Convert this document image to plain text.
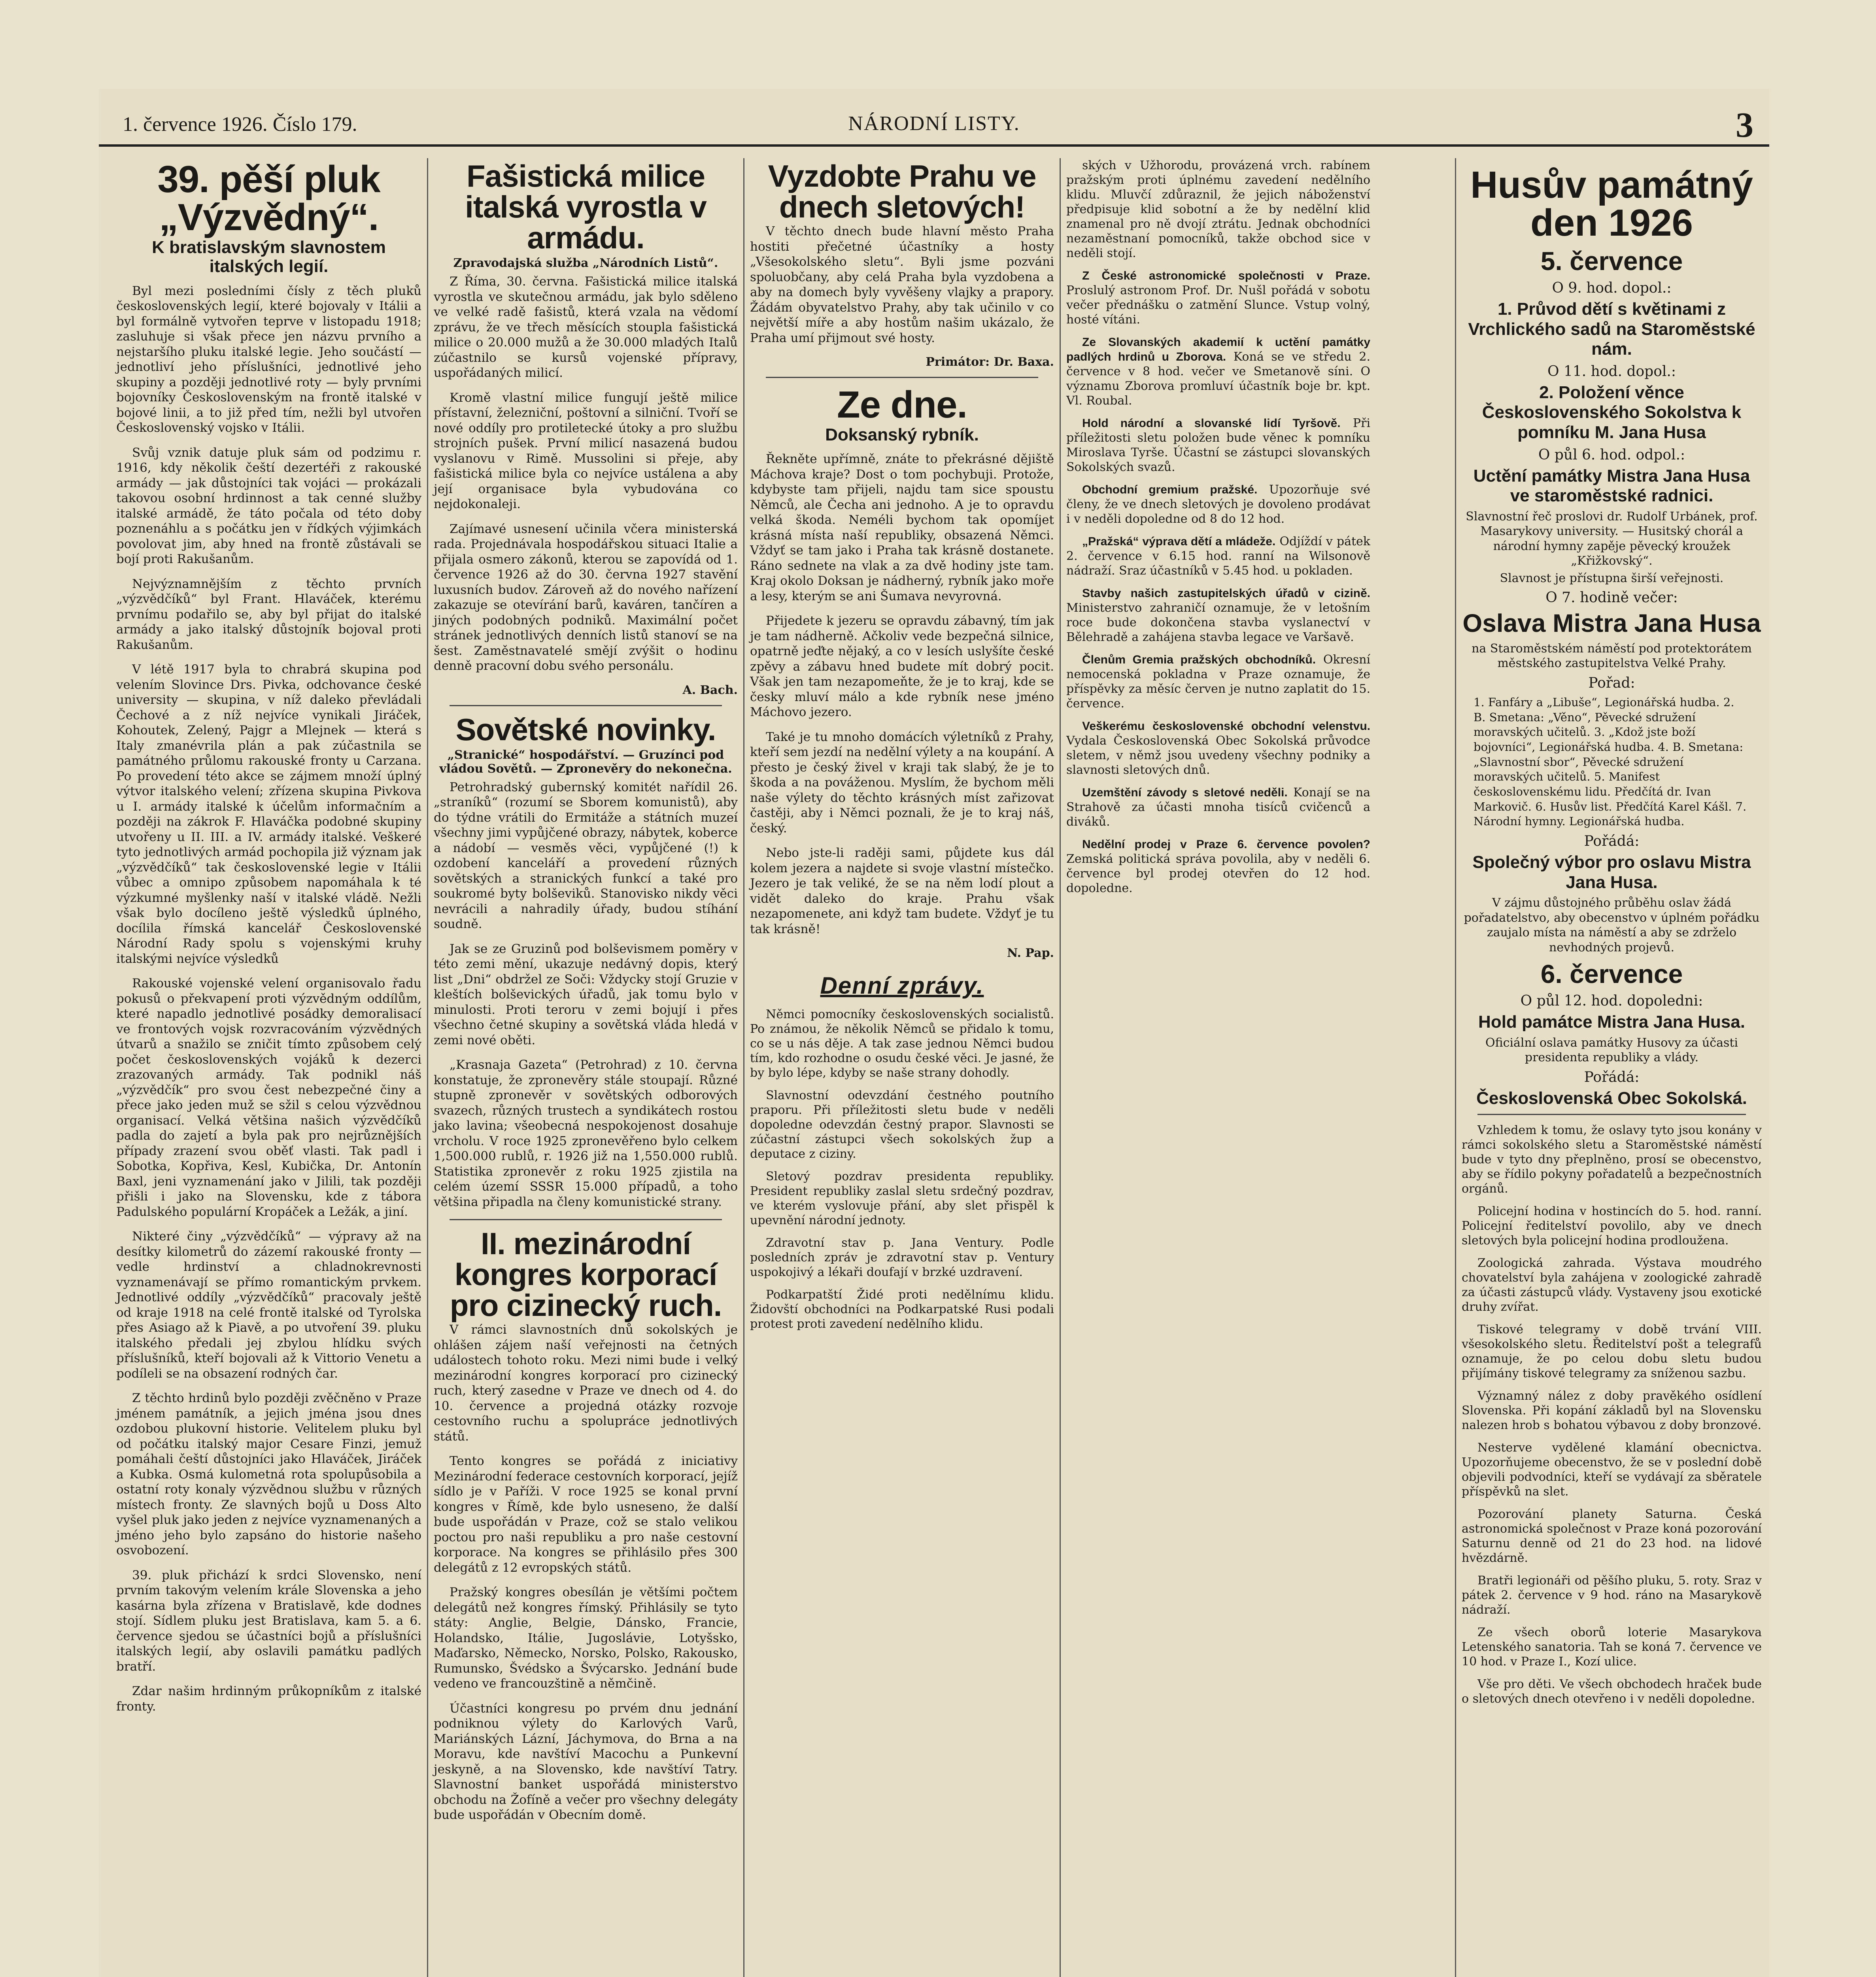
1. července 1926. Číslo 179.	NÁRODNÍ LISTY.	3
39. pěší pluk „Výzvědný“.
K bratislavským slavnostem italských legií.

Byl mezi posledními čísly z těch pluků československých legií, které bojovaly v Itálii a byl formálně vytvořen teprve v listopadu 1918; zasluhuje si však přece jen názvu prvního a nejstaršího pluku italské legie. Jeho součástí — jednotliví jeho příslušníci, jednotlivé jeho skupiny a později jednotlivé roty — byly prvními bojovníky Československým na frontě italské v bojové linii, a to již před tím, nežli byl utvořen Československý vojsko v Itálii.

Svůj vznik datuje pluk sám od podzimu r. 1916, kdy několik čeští dezertéři z rakouské armády — jak důstojníci tak vojáci — prokázali takovou osobní hrdinnost a tak cenné služby italské armádě, že táto počala od této doby poznenáhlu a s počátku jen v řídkých výjimkách povolovat jim, aby hned na frontě zůstávali se bojí proti Rakušanům.

Nejvýznamnějším z těchto prvních „výzvědčíků“ byl Frant. Hlaváček, kterému prvnímu podařilo se, aby byl přijat do italské armády a jako italský důstojník bojoval proti Rakušanům.

V létě 1917 byla to chrabrá skupina pod velením Slovince Drs. Pivka, odchovance české university — skupina, v níž daleko převládali Čechové a z níž nejvíce vynikali Jiráček, Kohoutek, Zelený, Pajgr a Mlejnek — která s Italy zmanévrila plán a pak zúčastnila se památného průlomu rakouské fronty u Carzana. Po provedení této akce se zájmem množí úplný výtvor italského velení; zřízena skupina Pivkova u I. armády italské k účelům informačním a později na zákrok F. Hlaváčka podobné skupiny utvořeny u II. III. a IV. armády italské. Veškeré tyto jednotlivých armád pochopila již význam jak „výzvědčíků“ tak československé legie v Itálii vůbec a omnipo způsobem napomáhala k té výzkumné myšlenky naší v italské vládě. Nežli však bylo docíleno ještě výsledků úplného, docílila římská kancelář Československé Národní Rady spolu s vojenskými kruhy italskými nejvíce výsledků

Rakouské vojenské velení organisovalo řadu pokusů o překvapení proti výzvědným oddílům, které napadlo jednotlivé posádky demoralisací ve frontových vojsk rozvracováním výzvědných útvarů a snažilo se zničit tímto způsobem celý počet československých vojáků k dezerci zrazovaných armády. Tak podnikl náš „výzvědčík“ pro svou čest nebezpečné činy a přece jako jeden muž se sžil s celou výzvědnou organisací. Velká většina našich výzvědčíků padla do zajetí a byla pak pro nejrůznějších případy zrazení svou oběť vlasti. Tak padl i Sobotka, Kopřiva, Kesl, Kubička, Dr. Antonín Baxl, jeni vyznamenání jako v Jilili, tak později přišli i jako na Slovensku, kde z tábora Padulského populární Kropáček a Ležák, a jiní.

Nikteré činy „výzvědčíků“ — výpravy až na desítky kilometrů do zázemí rakouské fronty — vedle hrdinství a chladnokrevnosti vyznamenávají se přímo romantickým prvkem. Jednotlivé oddíly „výzvědčíků“ pracovaly ještě od kraje 1918 na celé frontě italské od Tyrolska přes Asiago až k Piavě, a po utvoření 39. pluku italského předali jej zbylou hlídku svých příslušníků, kteří bojovali až k Vittorio Venetu a podíleli se na obsazení rodných čar.

Z těchto hrdinů bylo později zvěčněno v Praze jménem památník, a jejich jména jsou dnes ozdobou plukovní historie. Velitelem pluku byl od počátku italský major Cesare Finzi, jemuž pomáhali čeští důstojníci jako Hlaváček, Jiráček a Kubka. Osmá kulometná rota spolupůsobila a ostatní roty konaly výzvědnou službu v různých místech fronty. Ze slavných bojů u Doss Alto vyšel pluk jako jeden z nejvíce vyznamenaných a jméno jeho bylo zapsáno do historie našeho osvobození.

39. pluk přichází k srdci Slovensko, není prvním takovým velením krále Slovenska a jeho kasárna byla zřízena v Bratislavě, kde dodnes stojí. Sídlem pluku jest Bratislava, kam 5. a 6. července sjedou se účastníci bojů a příslušníci italských legií, aby oslavili památku padlých bratří.

Zdar našim hrdinným průkopníkům z italské fronty.

Fašistická milice italská vyrostla v armádu.
Zpravodajská služba „Národních Listů“.

Z Říma, 30. června. Fašistická milice italská vyrostla ve skutečnou armádu, jak bylo sděleno ve velké radě fašistů, která vzala na vědomí zprávu, že ve třech měsících stoupla fašistická milice o 20.000 mužů a že 30.000 mladých Italů zúčastnilo se kursů vojenské přípravy, uspořádaných milicí.

Kromě vlastní milice fungují ještě milice přístavní, železniční, poštovní a silniční. Tvoří se nové oddíly pro protiletecké útoky a pro službu strojních pušek. První milicí nasazená budou vyslanovu v Rimě. Mussolini si přeje, aby fašistická milice byla co nejvíce ustálena a aby její organisace byla vybudována co nejdokonaleji.

Zajímavé usnesení učinila včera ministerská rada. Projednávala hospodářskou situaci Italie a přijala osmero zákonů, kterou se zapovídá od 1. července 1926 až do 30. června 1927 stavění luxusních budov. Zároveň až do nového nařízení zakazuje se otevírání barů, kaváren, tančíren a jiných podobných podniků. Maximální počet stránek jednotlivých denních listů stanoví se na šest. Zaměstnavatelé smějí zvýšit o hodinu denně pracovní dobu svého personálu.

A. Bach.
Sovětské novinky.
„Stranické“ hospodářství. — Gruzínci pod vládou Sovětů. — Zpronevěry do nekonečna.

Petrohradský gubernský komitét nařídil 26. „straníků“ (rozumí se Sborem komunistů), aby do týdne vrátili do Ermitáže a státních muzeí všechny jimi vypůjčené obrazy, nábytek, koberce a nádobí — vesměs věci, vypůjčené (!) k ozdobení kanceláří a provedení různých sovětských a stranických funkcí a také pro soukromé byty bolševiků. Stanovisko nikdy věci nevrácili a nahradily úřady, budou stíhání soudně.

Jak se ze Gruzinů pod bolševismem poměry v této zemi mění, ukazuje nedávný dopis, který list „Dni“ obdržel ze Soči: Vždycky stojí Gruzie v kleštích bolševických úřadů, jak tomu bylo v minulosti. Proti teroru v zemi bojují i přes všechno četné skupiny a sovětská vláda hledá v zemi nové oběti.

„Krasnaja Gazeta“ (Petrohrad) z 10. června konstatuje, že zpronevěry stále stoupají. Různé stupně zpronevěr v sovětských odborových svazech, různých trustech a syndikátech rostou jako lavina; všeobecná nespokojenost dosahuje vrcholu. V roce 1925 zpronevěřeno bylo celkem 1,500.000 rublů, r. 1926 již na 1,550.000 rublů. Statistika zpronevěr z roku 1925 zjistila na celém území SSSR 15.000 případů, a toho většina připadla na členy komunistické strany.

II. mezinárodní kongres korporací pro cizinecký ruch.

V rámci slavnostních dnů sokolských je ohlášen zájem naší veřejnosti na četných událostech tohoto roku. Mezi nimi bude i velký mezinárodní kongres korporací pro cizinecký ruch, který zasedne v Praze ve dnech od 4. do 10. července a projedná otázky rozvoje cestovního ruchu a spolupráce jednotlivých států.

Tento kongres se pořádá z iniciativy Mezinárodní federace cestovních korporací, jejíž sídlo je v Paříži. V roce 1925 se konal první kongres v Římě, kde bylo usneseno, že další bude uspořádán v Praze, což se stalo velikou poctou pro naši republiku a pro naše cestovní korporace. Na kongres se přihlásilo přes 300 delegátů z 12 evropských států.

Pražský kongres obesílán je většími počtem delegátů než kongres římský. Přihlásily se tyto státy: Anglie, Belgie, Dánsko, Francie, Holandsko, Itálie, Jugoslávie, Lotyšsko, Maďarsko, Německo, Norsko, Polsko, Rakousko, Rumunsko, Švédsko a Švýcarsko. Jednání bude vedeno ve francouzštině a němčině.

Účastníci kongresu po prvém dnu jednání podniknou výlety do Karlových Varů, Mariánských Lázní, Jáchymova, do Brna a na Moravu, kde navštíví Macochu a Punkevní jeskyně, a na Slovensko, kde navštíví Tatry. Slavnostní banket uspořádá ministerstvo obchodu na Žofíně a večer pro všechny delegáty bude uspořádán v Obecním domě.

Vyzdobte Prahu ve dnech sletových!

V těchto dnech bude hlavní město Praha hostiti přečetné účastníky a hosty „Všesokolského sletu“. Byli jsme pozváni spoluobčany, aby celá Praha byla vyzdobena a aby na domech byly vyvěšeny vlajky a prapory. Žádám obyvatelstvo Prahy, aby tak učinilo v co největší míře a aby hostům našim ukázalo, že Praha umí přijmout své hosty.

Primátor: Dr. Baxa.
Ze dne.
Doksanský rybník.

Řekněte upřímně, znáte to překrásné dějiště Máchova kraje? Dost o tom pochybuji. Protože, kdybyste tam přijeli, najdu tam sice spoustu Němců, ale Čecha ani jednoho. A je to opravdu velká škoda. Neméli bychom tak opomíjet krásná místa naší republiky, obsazená Němci. Vždyť se tam jako i Praha tak krásně dostanete. Ráno sednete na vlak a za dvě hodiny jste tam. Kraj okolo Doksan je nádherný, rybník jako moře a lesy, kterým se ani Šumava nevyrovná.

Přijedete k jezeru se opravdu zábavný, tím jak je tam nádherně. Ačkoliv vede bezpečná silnice, opatrně jeďte nějaký, a co v lesích uslyšíte české zpěvy a zábavu hned budete mít dobrý pocit. Však jen tam nezapomeňte, že je to kraj, kde se česky mluví málo a kde rybník nese jméno Máchovo jezero.

Také je tu mnoho domácích výletníků z Prahy, kteří sem jezdí na nedělní výlety a na koupání. A přesto je český živel v kraji tak slabý, že je to škoda a na pováženou. Myslím, že bychom měli naše výlety do těchto krásných míst zařizovat častěji, aby i Němci poznali, že je to kraj náš, český.

Nebo jste-li raději sami, půjdete kus dál kolem jezera a najdete si svoje vlastní místečko. Jezero je tak veliké, že se na něm lodí plout a vidět daleko do kraje. Prahu však nezapomenete, ani když tam budete. Vždyť je tu tak krásně!

N. Pap.
Denní zprávy.

Němci pomocníky československých socialistů. Po známou, že několik Němců se přidalo k tomu, co se u nás děje. A tak zase jednou Němci budou tím, kdo rozhodne o osudu české věci. Je jasné, že by bylo lépe, kdyby se naše strany dohodly.

Slavnostní odevzdání čestného poutního praporu. Při příležitosti sletu bude v neděli dopoledne odevzdán čestný prapor. Slavnosti se zúčastní zástupci všech sokolských žup a deputace z ciziny.

Sletový pozdrav presidenta republiky. President republiky zaslal sletu srdečný pozdrav, ve kterém vyslovuje přání, aby slet přispěl k upevnění národní jednoty.

Zdravotní stav p. Jana Ventury. Podle posledních zpráv je zdravotní stav p. Ventury uspokojivý a lékaři doufají v brzké uzdravení.

Podkarpatští Židé proti nedělnímu klidu. Židovští obchodníci na Podkarpatské Rusi podali protest proti zavedení nedělního klidu.

ských v Užhorodu, provázená vrch. rabínem pražským proti úplnému zavedení nedělního klidu. Mluvčí zdůraznil, že jejich náboženství předpisuje klid sobotní a že by nedělní klid znamenal pro ně dvojí ztrátu. Jednak obchodníci nezaměstnaní pomocníků, takže obchod sice v neděli stojí.

Z České astronomické společnosti v Praze. Proslulý astronom Prof. Dr. Nušl pořádá v sobotu večer přednášku o zatmění Slunce. Vstup volný, hosté vítáni.

Ze Slovanských akademií k uctění památky padlých hrdinů u Zborova. Koná se ve středu 2. července v 8 hod. večer ve Smetanově síni. O významu Zborova promluví účastník boje br. kpt. Vl. Roubal.

Hold národní a slovanské lidí Tyršově. Při příležitosti sletu položen bude věnec k pomníku Miroslava Tyrše. Účastní se zástupci slovanských Sokolských svazů.

Obchodní gremium pražské. Upozorňuje své členy, že ve dnech sletových je dovoleno prodávat i v neděli dopoledne od 8 do 12 hod.

„Pražská“ výprava dětí a mládeže. Odjíždí v pátek 2. července v 6.15 hod. ranní na Wilsonově nádraží. Sraz účastníků v 5.45 hod. u pokladen.

Stavby našich zastupitelských úřadů v cizině. Ministerstvo zahraničí oznamuje, že v letošním roce bude dokončena stavba vyslanectví v Bělehradě a zahájena stavba legace ve Varšavě.

Členům Gremia pražských obchodníků. Okresní nemocenská pokladna v Praze oznamuje, že příspěvky za měsíc červen je nutno zaplatit do 15. července.

Veškerému československé obchodní velenstvu. Vydala Československá Obec Sokolská průvodce sletem, v němž jsou uvedeny všechny podniky a slavnosti sletových dnů.

Uzemštění závody s sletové neděli. Konají se na Strahově za účasti mnoha tisíců cvičenců a diváků.

Nedělní prodej v Praze 6. července povolen? Zemská politická správa povolila, aby v neděli 6. července byl prodej otevřen do 12 hod. dopoledne.

Husův památný den 1926
5. července
O 9. hod. dopol.:
1. Průvod dětí s květinami z Vrchlického sadů na Staroměstské nám.
O 11. hod. dopol.:
2. Položení věnce Československého Sokolstva k pomníku M. Jana Husa
O půl 6. hod. odpol.:
Uctění památky Mistra Jana Husa ve staroměstské radnici.
Slavnostní řeč proslovi dr. Rudolf Urbánek, prof. Masarykovy university. — Husitský chorál a národní hymny zapěje pěvecký kroužek „Křižkovský“.
Slavnost je přístupna širší veřejnosti.
O 7. hodině večer:
Oslava Mistra Jana Husa
na Staroměstském náměstí pod protektorátem městského zastupitelstva Velké Prahy.
Pořad:
1. Fanfáry a „Libuše“, Legionářská hudba. 2. B. Smetana: „Věno“, Pěvecké sdružení moravských učitelů. 3. „Kdož jste boží bojovníci“, Legionářská hudba. 4. B. Smetana: „Slavnostní sbor“, Pěvecké sdružení moravských učitelů. 5. Manifest československému lidu. Předčítá dr. Ivan Markovič. 6. Husův list. Předčítá Karel Kášl. 7. Národní hymny. Legionářská hudba.
Pořádá:
Společný výbor pro oslavu Mistra Jana Husa.
V zájmu důstojného průběhu oslav žádá pořadatelstvo, aby obecenstvo v úplném pořádku zaujalo místa na náměstí a aby se zdrželo nevhodných projevů.
6. července
O půl 12. hod. dopoledni:
Hold památce Mistra Jana Husa.
Oficiální oslava památky Husovy za účasti presidenta republiky a vlády.
Pořádá:
Československá Obec Sokolská.

Vzhledem k tomu, že oslavy tyto jsou konány v rámci sokolského sletu a Staroměstské náměstí bude v tyto dny přeplněno, prosí se obecenstvo, aby se řídilo pokyny pořadatelů a bezpečnostních orgánů.

Policejní hodina v hostincích do 5. hod. ranní. Policejní ředitelství povolilo, aby ve dnech sletových byla policejní hodina prodloužena.

Zoologická zahrada. Výstava moudrého chovatelství byla zahájena v zoologické zahradě za účasti zástupců vlády. Vystaveny jsou exotické druhy zvířat.

Tiskové telegramy v době trvání VIII. všesokolského sletu. Ředitelství pošt a telegrafů oznamuje, že po celou dobu sletu budou přijímány tiskové telegramy za sníženou sazbu.

Významný nález z doby pravěkého osídlení Slovenska. Při kopání základů byl na Slovensku nalezen hrob s bohatou výbavou z doby bronzové.

Nesterve vydělené klamání obecnictva. Upozorňujeme obecenstvo, že se v poslední době objevili podvodníci, kteří se vydávají za sběratele příspěvků na slet.

Pozorování planety Saturna. Česká astronomická společnost v Praze koná pozorování Saturnu denně od 21 do 23 hod. na lidové hvězdárně.

Bratři legionáři od pěšího pluku, 5. roty. Sraz v pátek 2. července v 9 hod. ráno na Masarykově nádraží.

Ze všech oborů loterie Masarykova Letenského sanatoria. Tah se koná 7. července ve 10 hod. v Praze I., Kozí ulice.

Vše pro děti. Ve všech obchodech hraček bude o sletových dnech otevřeno i v neděli dopoledne.
